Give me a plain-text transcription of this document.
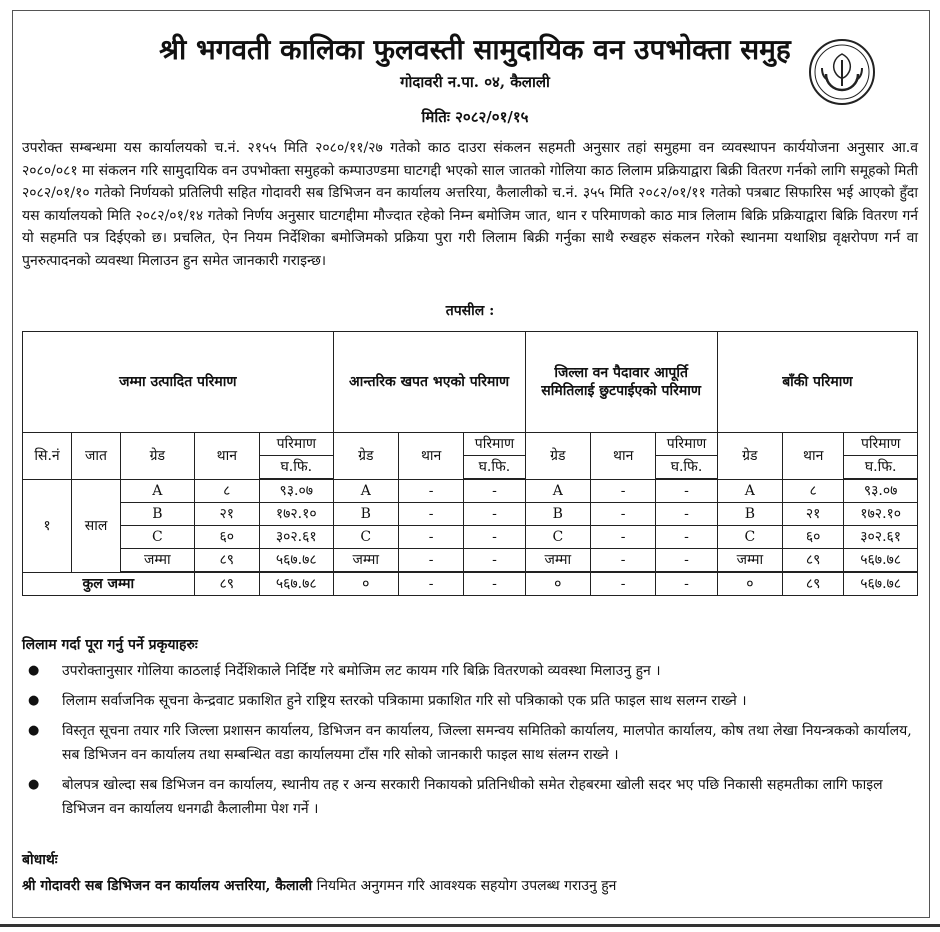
श्री भगवती कालिका फुलवस्ती सामुदायिक वन उपभोक्ता समुह
गोदावरी न.पा. ०४, कैलाली
मितिः २०८२/०१/१५
उपरोक्त सम्बन्धमा यस कार्यालयको च.नं. २१५५ मिति २०८०/११/२७ गतेको काठ दाउरा संकलन सहमती अनुसार तहां समुहमा वन व्यवस्थापन कार्ययोजना अनुसार आ.व २०८०/०८१ मा संकलन गरि सामुदायिक वन उपभोक्ता समुहको कम्पाउण्डमा घाटगद्दी भएको साल जातको गोलिया काठ लिलाम प्रक्रियाद्वारा बिक्री वितरण गर्नको लागि समूहको मिती २०८२/०१/१० गतेको निर्णयको प्रतिलिपी सहित गोदावरी सब डिभिजन वन कार्यालय अत्तरिया, कैलालीको च.नं. ३५५ मिति २०८२/०१/११ गतेको पत्रबाट सिफारिस भई आएको हुँदा यस कार्यालयको मिति २०८२/०१/१४ गतेको निर्णय अनुसार घाटगद्दीमा मौज्दात रहेको निम्न बमोजिम जात, थान र परिमाणको काठ मात्र लिलाम बिक्रि प्रक्रियाद्वारा बिक्रि वितरण गर्न यो सहमति पत्र दिईएको छ। प्रचलित, ऐन नियम निर्देशिका बमोजिमको प्रक्रिया पुरा गरी लिलाम बिक्री गर्नुका साथै रुखहरु संकलन गरेको स्थानमा यथाशिघ्र वृक्षरोपण गर्न वा पुनरुत्पादनको व्यवस्था मिलाउन हुन समेत जानकारी गराइन्छ।
तपसील :
जम्मा उत्पादित परिमाण					आन्तरिक खपत भएको परिमाण			जिल्ला वन पैदावार आपूर्ति समितिलाई छुटपाईएको परिमाण			बाँकी परिमाण		
सि.नं	जात	ग्रेड	थान	परिमाण	ग्रेड	थान	परिमाण	ग्रेड	थान	परिमाण	ग्रेड	थान	परिमाण
				घ.फि.			घ.फि.			घ.फि.			घ.फि.
१	साल	A	८	९३.०७	A	-	-	A	-	-	A	८	९३.०७
		B	२१	१७२.१०	B	-	-	B	-	-	B	२१	१७२.१०
		C	६०	३०२.६१	C	-	-	C	-	-	C	६०	३०२.६१
		जम्मा	८९	५६७.७८	जम्मा	-	-	जम्मा	-	-	जम्मा	८९	५६७.७८
कुल जम्मा			८९	५६७.७८	०	-	-	०	-	-	०	८९	५६७.७८
लिलाम गर्दा पूरा गर्नु पर्ने प्रकृयाहरुः
● उपरोक्तानुसार गोलिया काठलाई निर्देशिकाले निर्दिष्ट गरे बमोजिम लट कायम गरि बिक्रि वितरणको व्यवस्था मिलाउनु हुन ।
● लिलाम सर्वाजनिक सूचना केन्द्रवाट प्रकाशित हुने राष्ट्रिय स्तरको पत्रिकामा प्रकाशित गरि सो पत्रिकाको एक प्रति फाइल साथ सलग्न राख्ने ।
● विस्तृत सूचना तयार गरि जिल्ला प्रशासन कार्यालय, डिभिजन वन कार्यालय, जिल्ला समन्वय समितिको कार्यालय, मालपोत कार्यालय, कोष तथा लेखा नियन्त्रकको कार्यालय, सब डिभिजन वन कार्यालय तथा सम्बन्धित वडा कार्यालयमा टाँस गरि सोको जानकारी फाइल साथ संलग्न राख्ने ।
● बोलपत्र खोल्दा सब डिभिजन वन कार्यालय, स्थानीय तह र अन्य सरकारी निकायको प्रतिनिधीको समेत रोहबरमा खोली सदर भए पछि निकासी सहमतीका लागि फाइल डिभिजन वन कार्यालय धनगढी कैलालीमा पेश गर्ने ।
बोधार्थः
श्री गोदावरी सब डिभिजन वन कार्यालय अत्तरिया, कैलाली नियमित अनुगमन गरि आवश्यक सहयोग उपलब्ध गराउनु हुन
